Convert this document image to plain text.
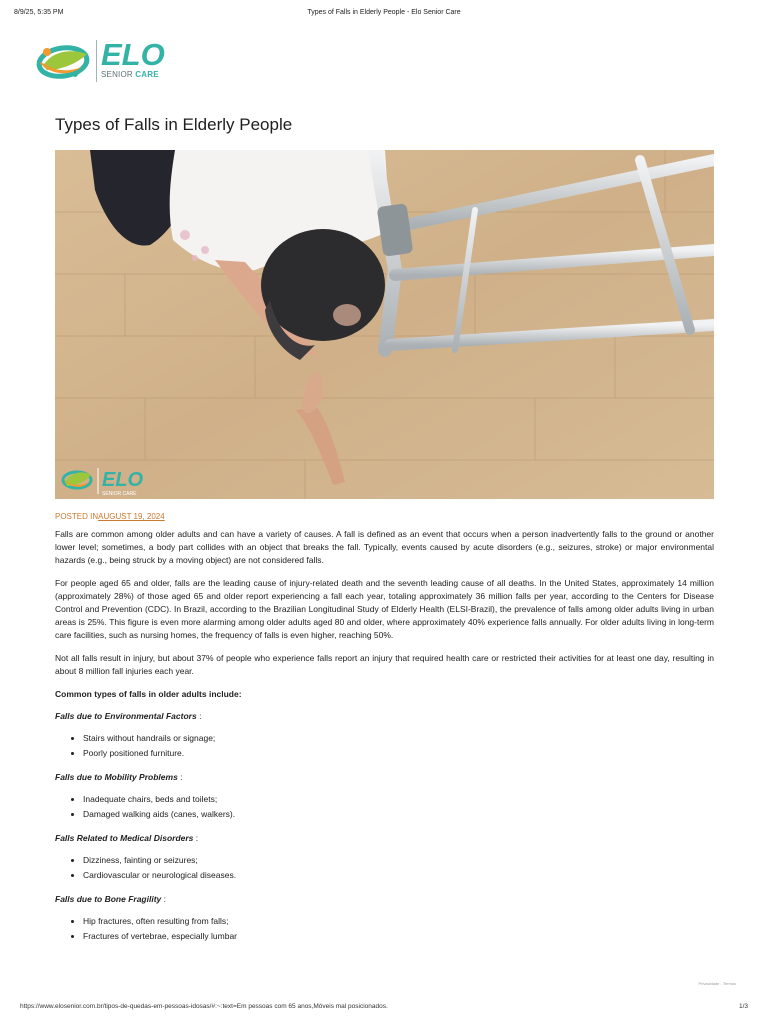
8/9/25, 5:35 PM	Types of Falls in Elderly People - Elo Senior Care
ELO
SENIOR CARE
Types of Falls in Elderly People
ELO
SENIOR CARE
POSTED INAUGUST 19, 2024

Falls are common among older adults and can have a variety of causes. A fall is defined as an event that occurs when a person inadvertently falls to the ground or another lower level; sometimes, a body part collides with an object that breaks the fall. Typically, events caused by acute disorders (e.g., seizures, stroke) or major environmental hazards (e.g., being struck by a moving object) are not considered falls.

For people aged 65 and older, falls are the leading cause of injury-related death and the seventh leading cause of all deaths. In the United States, approximately 14 million (approximately 28%) of those aged 65 and older report experiencing a fall each year, totaling approximately 36 million falls per year, according to the Centers for Disease Control and Prevention (CDC). In Brazil, according to the Brazilian Longitudinal Study of Elderly Health (ELSI-Brazil), the prevalence of falls among older adults living in urban areas is 25%. This figure is even more alarming among older adults aged 80 and older, where approximately 40% experience falls annually. For older adults living in long-term care facilities, such as nursing homes, the frequency of falls is even higher, reaching 50%.

Not all falls result in injury, but about 37% of people who experience falls report an injury that required health care or restricted their activities for at least one day, resulting in about 8 million fall injuries each year.

Common types of falls in older adults include:

Falls due to Environmental Factors :

• Stairs without handrails or signage;
• Poorly positioned furniture.

Falls due to Mobility Problems :

• Inadequate chairs, beds and toilets;
• Damaged walking aids (canes, walkers).

Falls Related to Medical Disorders :

• Dizziness, fainting or seizures;
• Cardiovascular or neurological diseases.

Falls due to Bone Fragility :

• Hip fractures, often resulting from falls;
• Fractures of vertebrae, especially lumbar
Privacidade - Termos
https://www.elosenior.com.br/tipos-de-quedas-em-pessoas-idosas/#:~:text=Em pessoas com 65 anos,Móveis mal posicionados.	1/3
